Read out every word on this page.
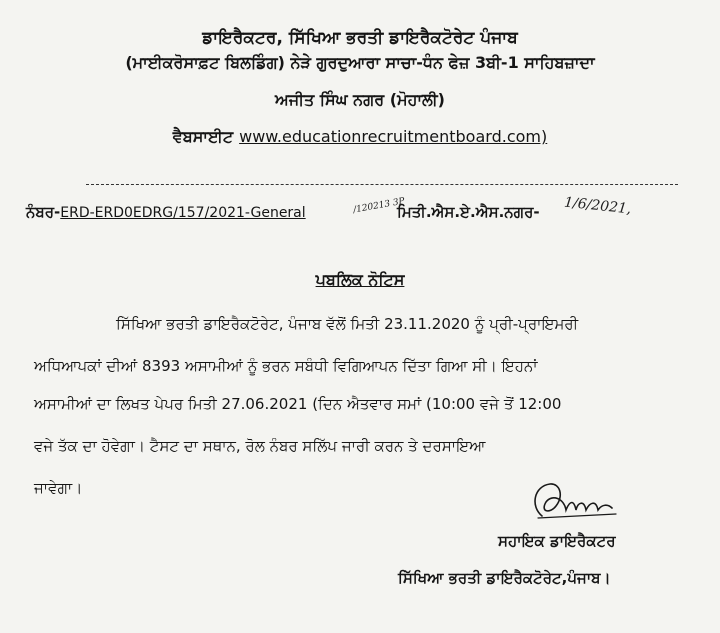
ਡਾਇਰੈਕਟਰ, ਸਿੱਖਿਆ ਭਰਤੀ ਡਾਇਰੈਕਟੋਰੇਟ ਪੰਜਾਬ
(ਮਾਈਕਰੋਸਾਫ਼ਟ ਬਿਲਡਿੰਗ) ਨੇੜੇ ਗੁਰਦੁਆਰਾ ਸਾਚਾ-ਧੰਨ ਫੇਜ਼ 3ਬੀ-1 ਸਾਹਿਬਜ਼ਾਦਾ
ਅਜੀਤ ਸਿੰਘ ਨਗਰ (ਮੋਹਾਲੀ)
ਵੈਬਸਾਈਟ www.educationrecruitmentboard.com)
ਨੰਬਰ-ERD-ERD0EDRG/157/2021-General	/120213 3P
ਮਿਤੀ.ਐਸ.ਏ.ਐਸ.ਨਗਰ- 1/6/2021,
ਪਬਲਿਕ ਨੋਟਿਸ
ਸਿੱਖਿਆ ਭਰਤੀ ਡਾਇਰੈਕਟੋਰੇਟ, ਪੰਜਾਬ ਵੱਲੋਂ ਮਿਤੀ 23.11.2020 ਨੂੰ ਪ੍ਰੀ-ਪ੍ਰਾਇਮਰੀ
ਅਧਿਆਪਕਾਂ ਦੀਆਂ 8393 ਅਸਾਮੀਆਂ ਨੂੰ ਭਰਨ ਸਬੰਧੀ ਵਿਗਿਆਪਨ ਦਿੱਤਾ ਗਿਆ ਸੀ। ਇਹਨਾਂ
ਅਸਾਮੀਆਂ ਦਾ ਲਿਖਤ ਪੇਪਰ ਮਿਤੀ 27.06.2021 (ਦਿਨ ਐਤਵਾਰ ਸਮਾਂ (10:00 ਵਜੇ ਤੋਂ 12:00
ਵਜੇ ਤੱਕ ਦਾ ਹੋਵੇਗਾ। ਟੈਸਟ ਦਾ ਸਥਾਨ, ਰੋਲ ਨੰਬਰ ਸਲਿੱਪ ਜਾਰੀ ਕਰਨ ਤੇ ਦਰਸਾਇਆ
ਜਾਵੇਗਾ।
ਸਹਾਇਕ ਡਾਇਰੈਕਟਰ
ਸਿੱਖਿਆ ਭਰਤੀ ਡਾਇਰੈਕਟੋਰੇਟ,ਪੰਜਾਬ।
